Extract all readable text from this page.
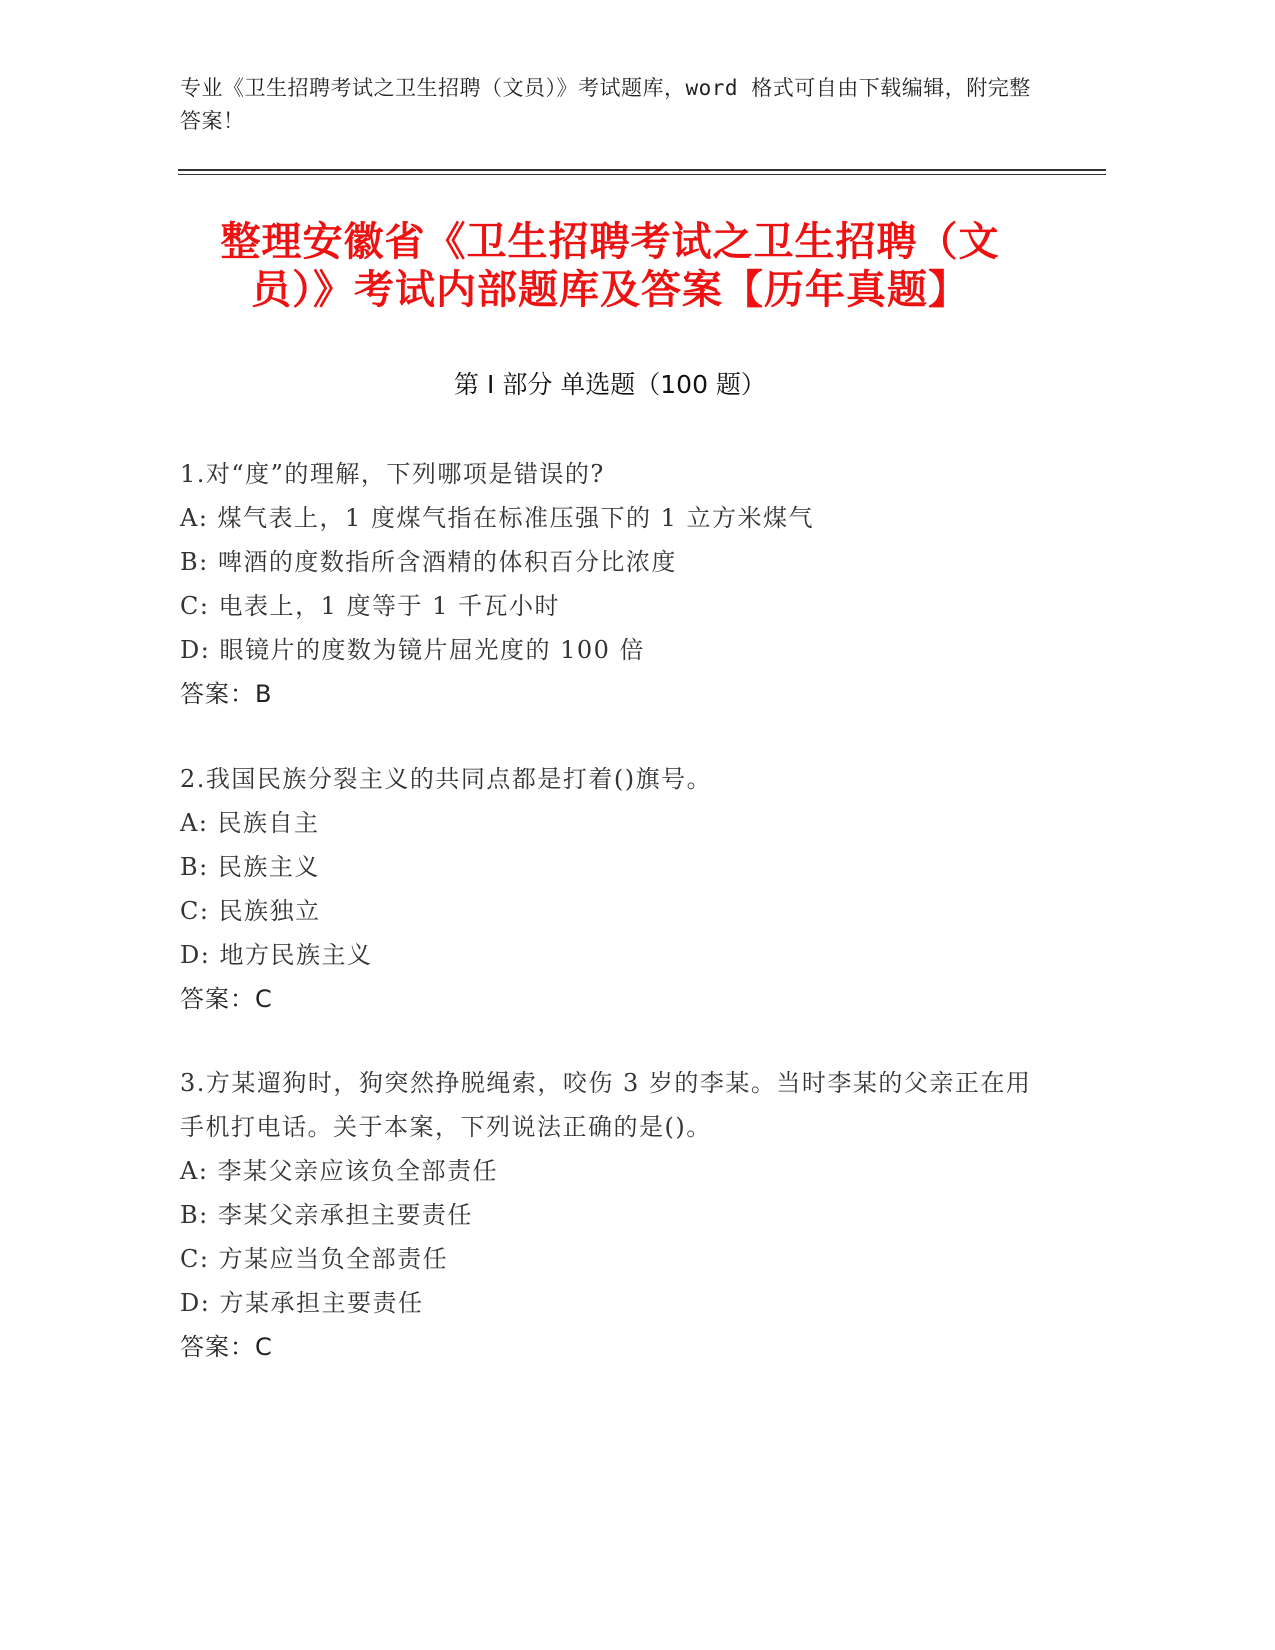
专业《卫生招聘考试之卫生招聘（文员）》考试题库，word 格式可自由下载编辑，附完整答案！
整理安徽省《卫生招聘考试之卫生招聘（文员）》考试内部题库及答案【历年真题】
第 I 部分 单选题（100 题）
1.对“度”的理解，下列哪项是错误的?
A: 煤气表上，1 度煤气指在标准压强下的 1 立方米煤气
B: 啤酒的度数指所含酒精的体积百分比浓度
C: 电表上，1 度等于 1 千瓦小时
D: 眼镜片的度数为镜片屈光度的 100 倍
答案：B
2.我国民族分裂主义的共同点都是打着()旗号。
A: 民族自主
B: 民族主义
C: 民族独立
D: 地方民族主义
答案：C
3.方某遛狗时，狗突然挣脱绳索，咬伤 3 岁的李某。当时李某的父亲正在用手机打电话。关于本案，下列说法正确的是()。
A: 李某父亲应该负全部责任
B: 李某父亲承担主要责任
C: 方某应当负全部责任
D: 方某承担主要责任
答案：C
